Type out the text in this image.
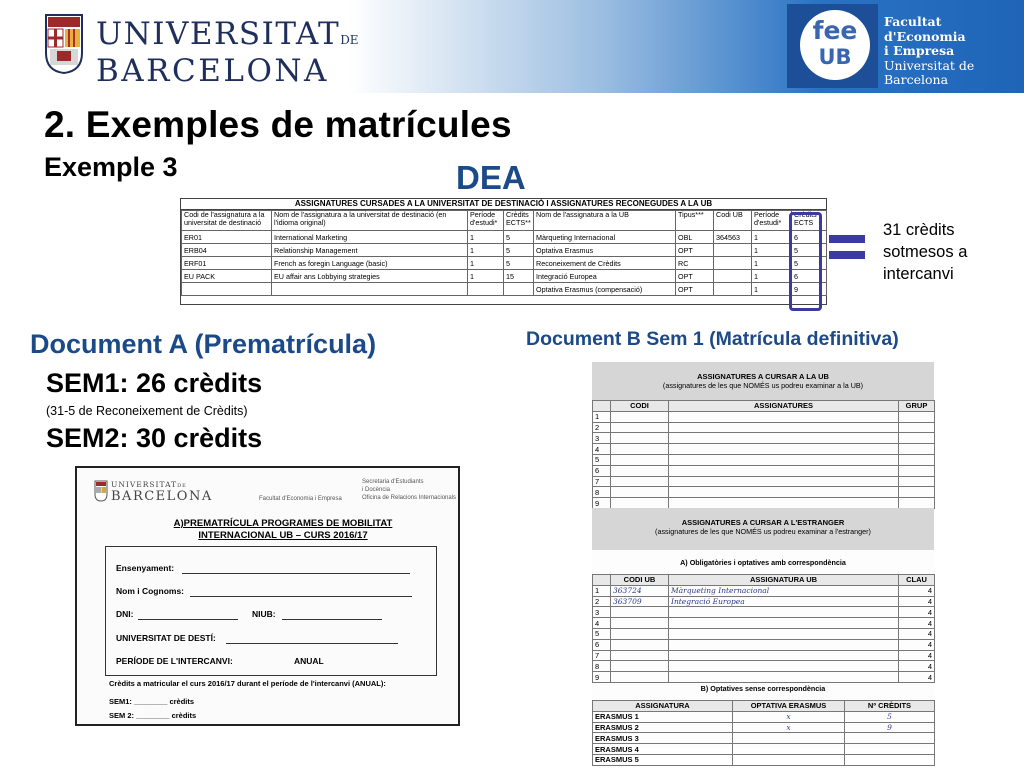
UNIVERSITATDE
BARCELONA
fee
UB
Facultat
d'Economia
i Empresa
Universitat de Barcelona
2. Exemples de matrícules
Exemple 3	DEA
ASSIGNATURES CURSADES A LA UNIVERSITAT DE DESTINACIÓ I ASSIGNATURES RECONEGUDES A LA UB
Codi de l'assignatura a la universitat de destinació	Nom de l'assignatura a la universitat de destinació (en l'idioma original)	Període d'estudi*	Crèdits ECTS**	Nom de l'assignatura a la UB	Tipus***	Codi UB	Període d'estudi*	Crèdits ECTS
ER01	International Marketing	1	5	Màrqueting Internacional	OBL	364563	1	6
ERB04	Relationship Management	1	5	Optativa Erasmus	OPT		1	5
ERF01	French as foregin Language (basic)	1	5	Reconeixement de Crèdits	RC		1	5
EU PACK	EU affair ans Lobbying strategies	1	15	Integració Europea	OPT		1	6
				Optativa Erasmus (compensació)	OPT		1	9
31 crèdits
sotmesos a
intercanvi
Document A (Prematrícula)	Document B Sem 1 (Matrícula definitiva)
SEM1: 26 crèdits
(31-5 de Reconeixement de Crèdits)
SEM2: 30 crèdits
UNIVERSITATDE
BARCELONA	Facultat d'Economia i Empresa
Secretaria d'Estudiants
i Docència
Oficina de Relacions Internacionals
A)PREMATRÍCULA PROGRAMES DE MOBILITAT
INTERNACIONAL UB – CURS 2016/17
Ensenyament:
Nom i Cognoms:
DNI:	NIUB:
UNIVERSITAT DE DESTÍ:
PERÍODE DE L'INTERCANVI:	ANUAL
Crèdits a matricular el curs 2016/17 durant el període de l'intercanvi (ANUAL):
SEM1: ________ crèdits
SEM 2: ________ crèdits
ASSIGNATURES A CURSAR A LA UB
(assignatures de les que NOMÉS us podreu examinar a la UB)
	CODI	ASSIGNATURES	GRUP
1			
2			
3			
4			
5			
6			
7			
8			
9			
ASSIGNATURES A CURSAR A L'ESTRANGER
(assignatures de les que NOMÉS us podreu examinar a l'estranger)
A) Obligatòries i optatives amb correspondència
	CODI UB	ASSIGNATURA UB	CLAU
1	363724	Màrqueting Internacional	4
2	363709	Integració Europea	4
3			4
4			4
5			4
6			4
7			4
8			4
9			4
B) Optatives sense correspondència
ASSIGNATURA	OPTATIVA ERASMUS	Nº CRÈDITS
ERASMUS 1	x	5
ERASMUS 2	x	9
ERASMUS 3		
ERASMUS 4		
ERASMUS 5		
